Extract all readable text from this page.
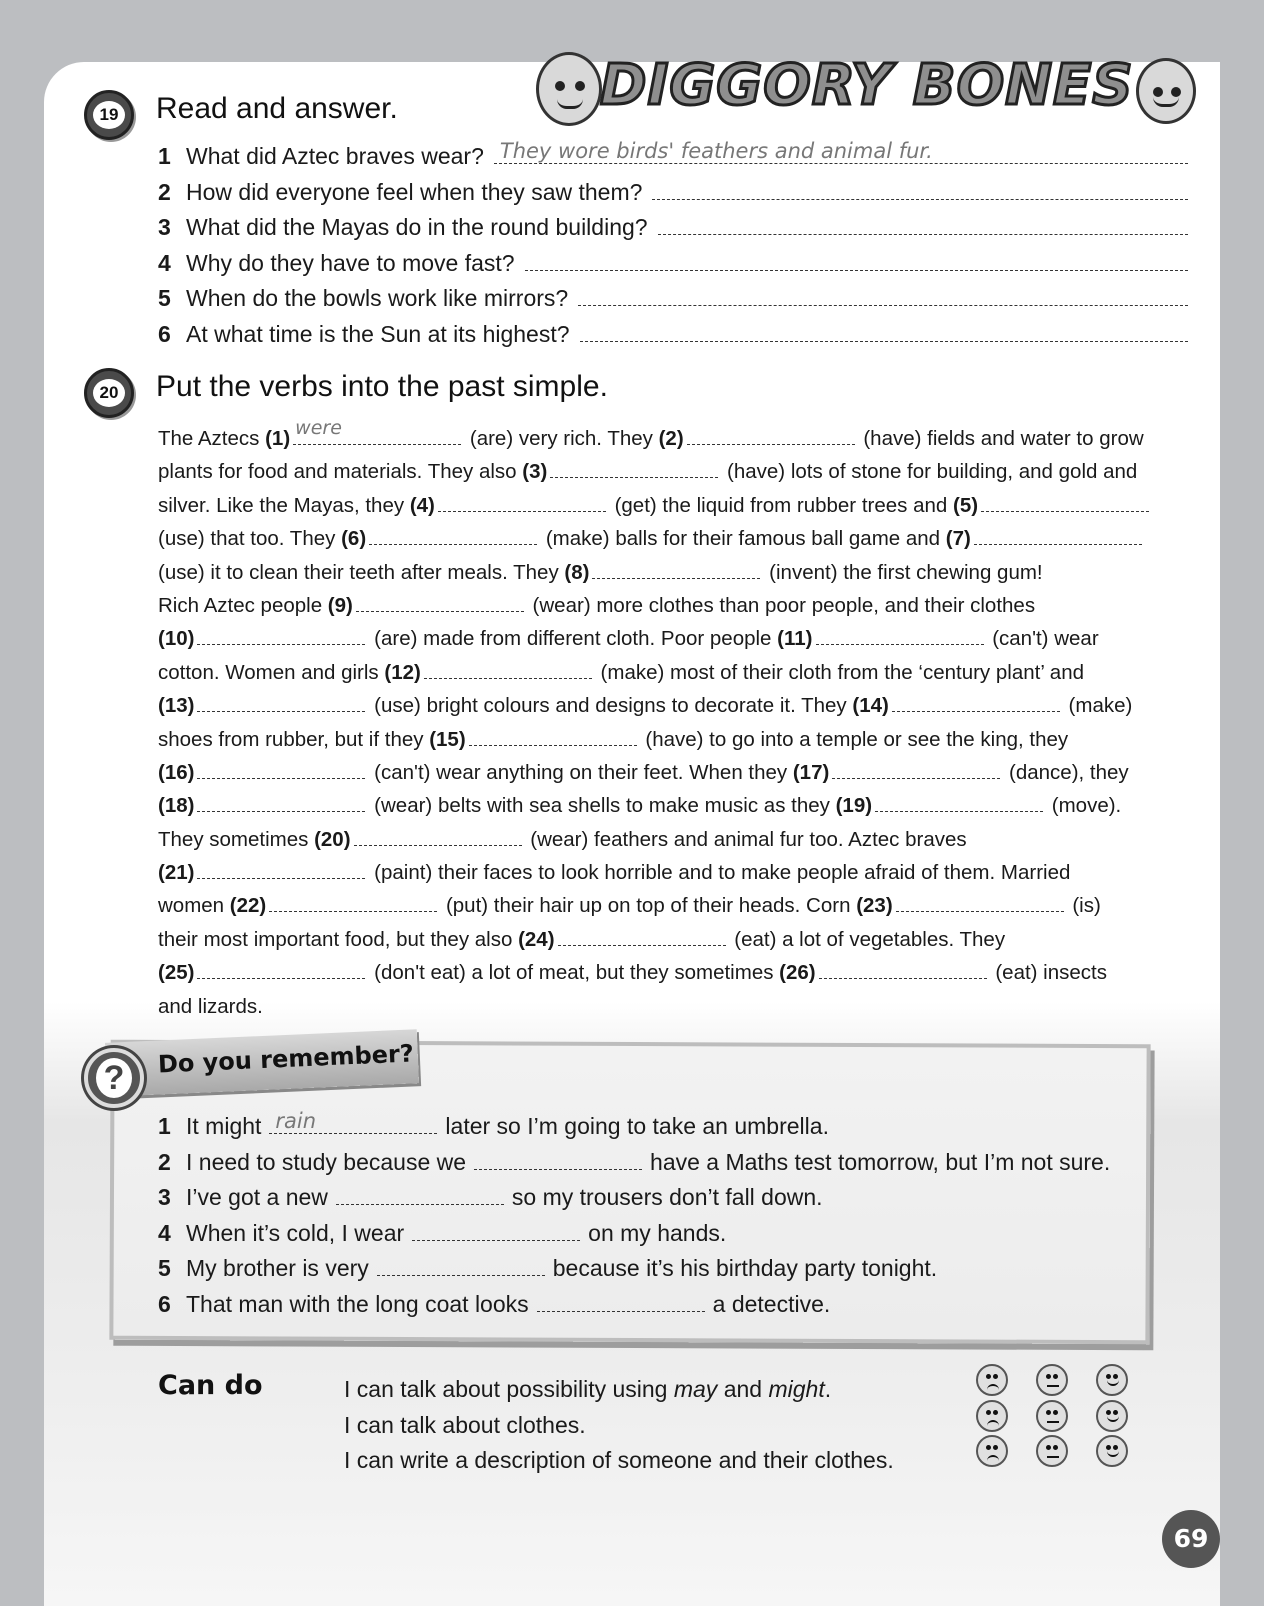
DIGGORY BONES
19 Read and answer.
1 What did Aztec braves wear? They wore birds' feathers and animal fur.
2 How did everyone feel when they saw them?
3 What did the Mayas do in the round building?
4 Why do they have to move fast?
5 When do the bowls work like mirrors?
6 At what time is the Sun at its highest?
20 Put the verbs into the past simple.
The Aztecs (1) were	(are) very rich. They (2)	(have) fields and water to grow
plants for food and materials. They also (3)	(have) lots of stone for building, and gold and
silver. Like the Mayas, they (4)	(get) the liquid from rubber trees and (5)
(use) that too. They (6)	(make) balls for their famous ball game and (7)
(use) it to clean their teeth after meals. They (8)	(invent) the first chewing gum!
Rich Aztec people (9)	(wear) more clothes than poor people, and their clothes
(10)	(are) made from different cloth. Poor people (11)	(can't) wear
cotton. Women and girls (12)	(make) most of their cloth from the ‘century plant’ and
(13)	(use) bright colours and designs to decorate it. They (14)	(make)
shoes from rubber, but if they (15)	(have) to go into a temple or see the king, they
(16)	(can't) wear anything on their feet. When they (17)	(dance), they
(18)	(wear) belts with sea shells to make music as they (19)	(move).
They sometimes (20)	(wear) feathers and animal fur too. Aztec braves
(21)	(paint) their faces to look horrible and to make people afraid of them. Married
women (22)	(put) their hair up on top of their heads. Corn (23)	(is)
their most important food, but they also (24)	(eat) a lot of vegetables. They
(25)	(don't eat) a lot of meat, but they sometimes (26)	(eat) insects
and lizards.
Do you remember?
?
1 It might rain	later so I’m going to take an umbrella.
2 I need to study because we	have a Maths test tomorrow, but I’m not sure.
3 I’ve got a new	so my trousers don’t fall down.
4 When it’s cold, I wear	on my hands.
5 My brother is very	because it’s his birthday party tonight.
6 That man with the long coat looks	a detective.
Can do	I can talk about possibility using may and might.
I can talk about clothes.
I can write a description of someone and their clothes.
69
